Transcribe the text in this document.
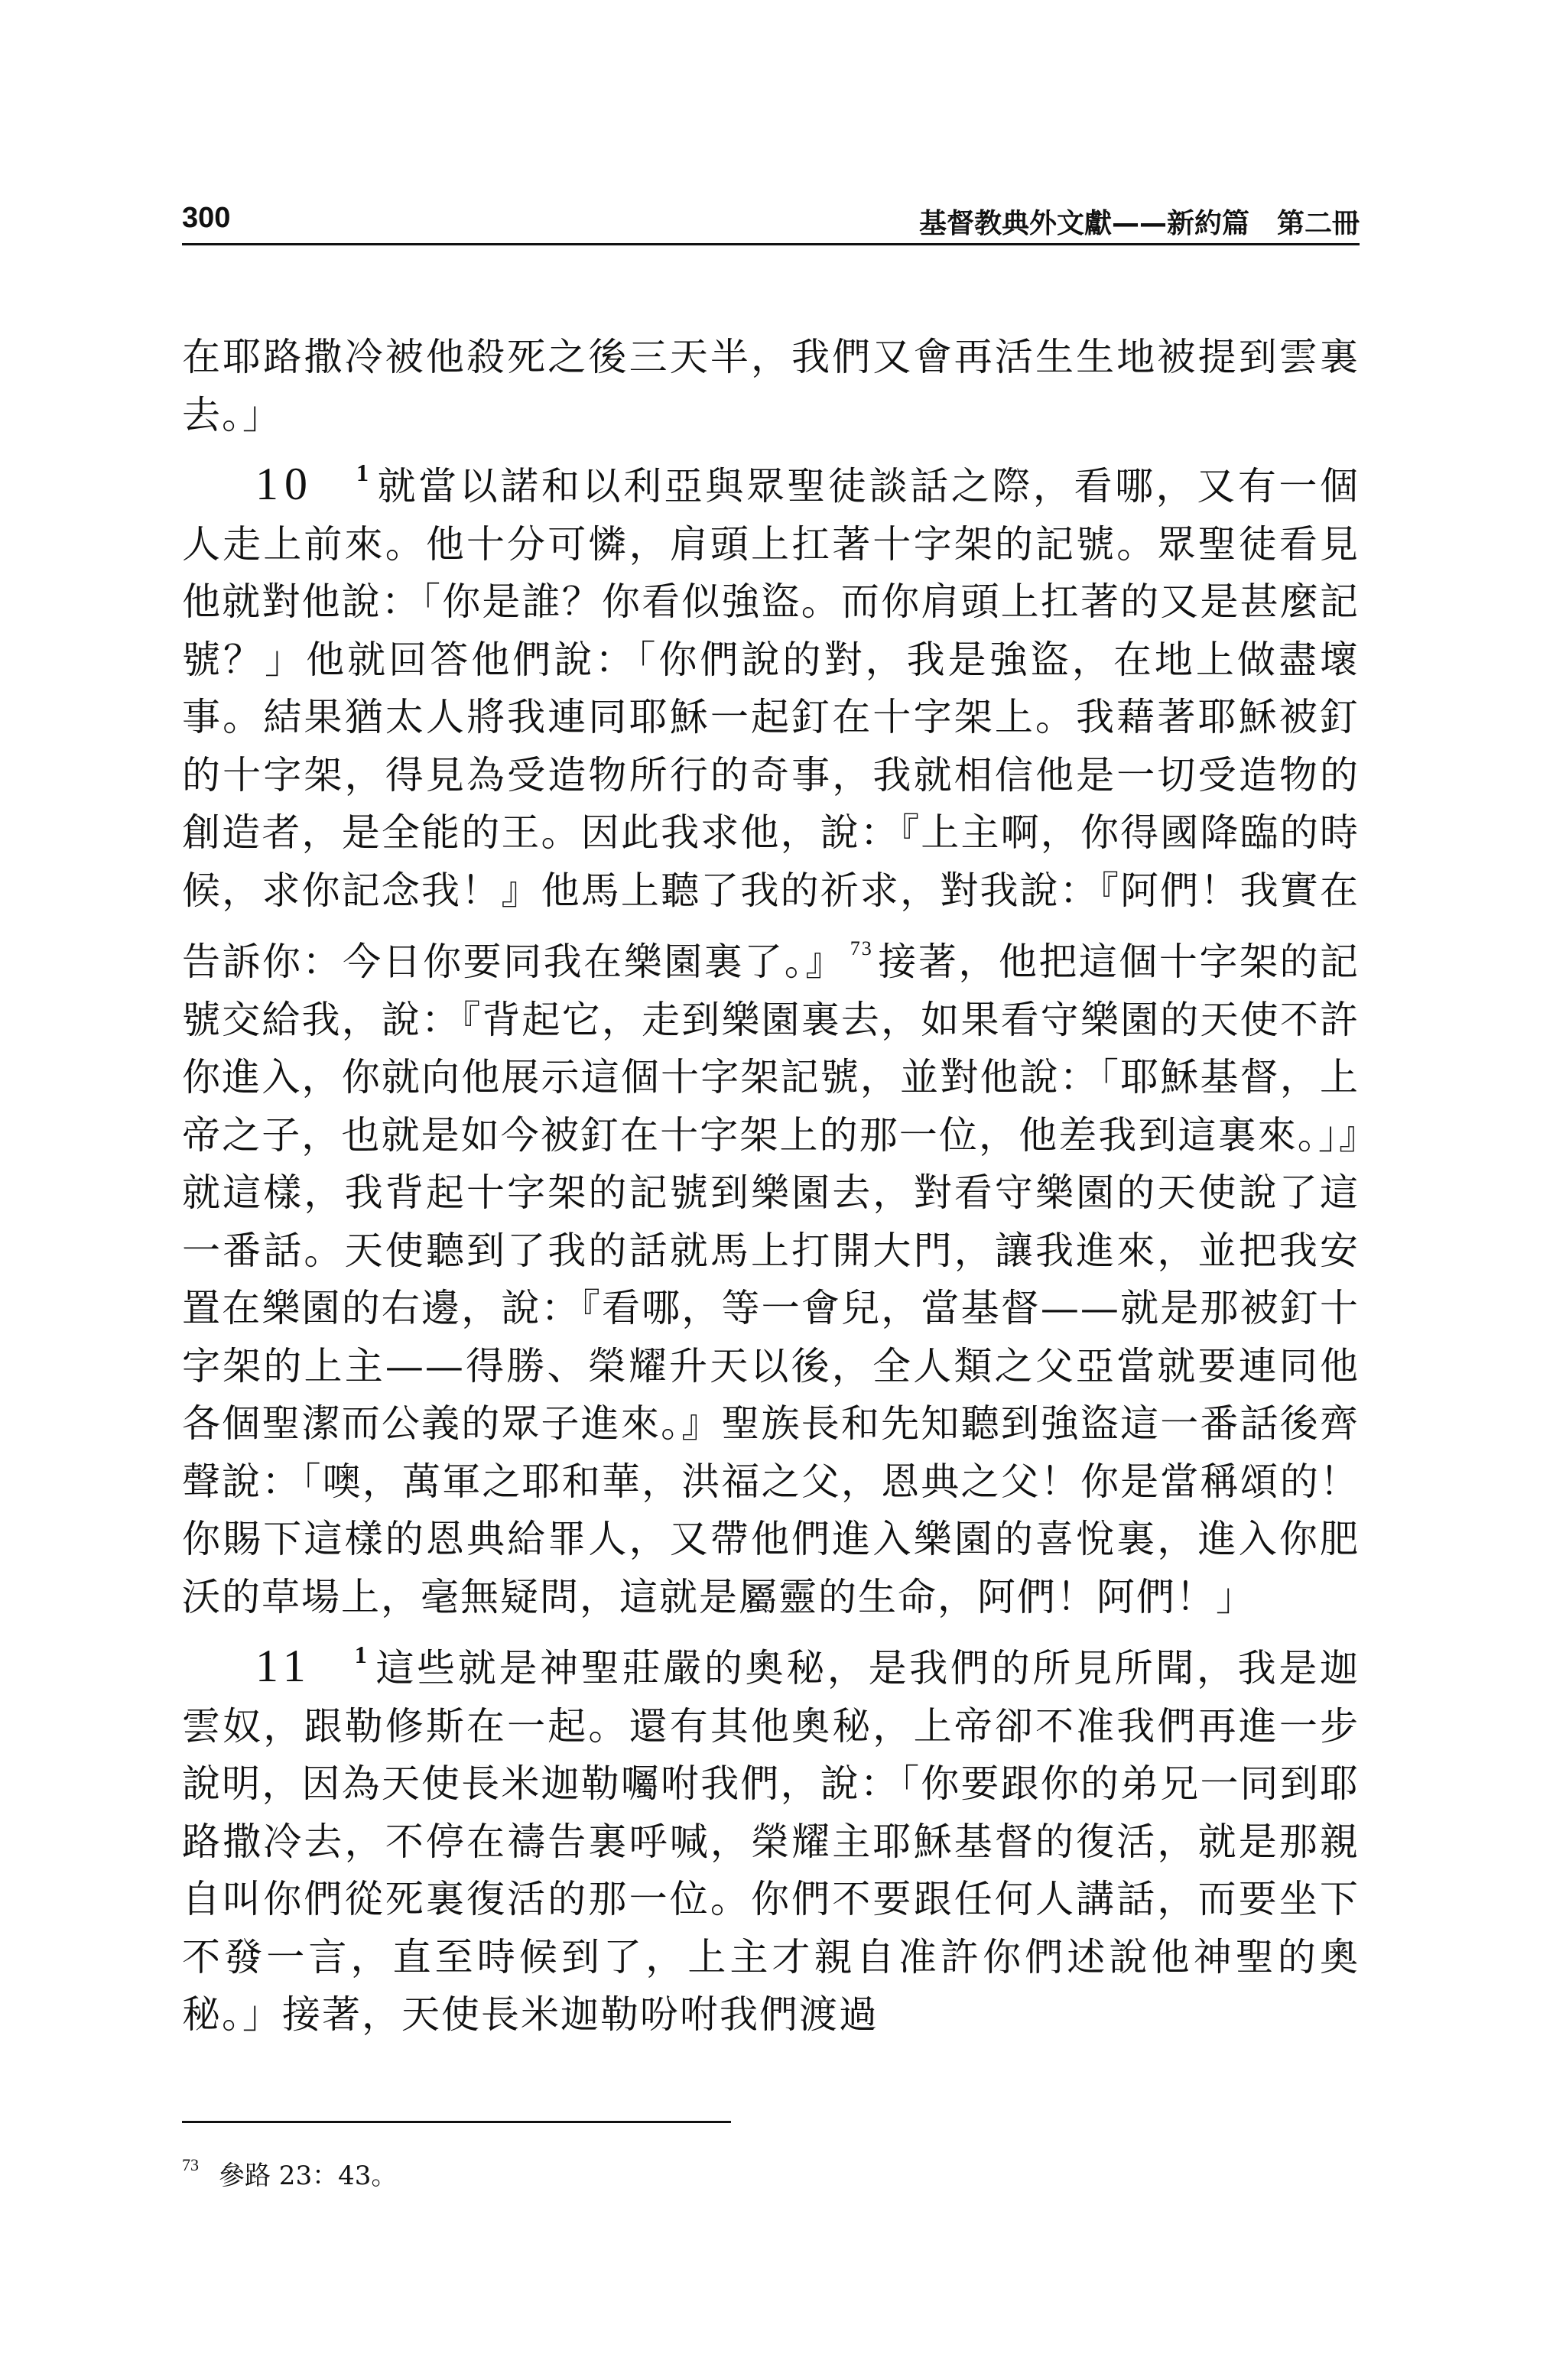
300	基督教典外文獻——新約篇　第二冊

在耶路撒冷被他殺死之後三天半，我們又會再活生生地被提到雲裏去。」

10 $^1$ 就當以諾和以利亞與眾聖徒談話之際，看哪，又有一個人走上前來。他十分可憐，肩頭上扛著十字架的記號。眾聖徒看見他就對他說：「你是誰？你看似強盜。而你肩頭上扛著的又是甚麼記號？」他就回答他們說：「你們說的對，我是強盜，在地上做盡壞事。結果猶太人將我連同耶穌一起釘在十字架上。我藉著耶穌被釘的十字架，得見為受造物所行的奇事，我就相信他是一切受造物的創造者，是全能的王。因此我求他，說：『上主啊，你得國降臨的時候，求你記念我！』他馬上聽了我的祈求，對我說：『阿們！我實在告訴你：今日你要同我在樂園裏了。』 $^{73}$ 接著，他把這個十字架的記號交給我，說：『背起它，走到樂園裏去，如果看守樂園的天使不許你進入，你就向他展示這個十字架記號，並對他說：「耶穌基督，上帝之子，也就是如今被釘在十字架上的那一位，他差我到這裏來。」』就這樣，我背起十字架的記號到樂園去，對看守樂園的天使說了這一番話。天使聽到了我的話就馬上打開大門，讓我進來，並把我安置在樂園的右邊，說：『看哪，等一會兒，當基督——就是那被釘十字架的上主——得勝、榮耀升天以後，全人類之父亞當就要連同他各個聖潔而公義的眾子進來。』聖族長和先知聽到強盜這一番話後齊聲說：「噢，萬軍之耶和華，洪福之父，恩典之父！你是當稱頌的！你賜下這樣的恩典給罪人，又帶他們進入樂園的喜悅裏，進入你肥沃的草場上，毫無疑問，這就是屬靈的生命，阿們！阿們！」

11 $^1$ 這些就是神聖莊嚴的奧秘，是我們的所見所聞，我是迦雲奴，跟勒修斯在一起。還有其他奧秘，上帝卻不准我們再進一步說明，因為天使長米迦勒囑咐我們，說：「你要跟你的弟兄一同到耶路撒冷去，不停在禱告裏呼喊，榮耀主耶穌基督的復活，就是那親自叫你們從死裏復活的那一位。你們不要跟任何人講話，而要坐下不發一言，直至時候到了，上主才親自准許你們述說他神聖的奧秘。」接著，天使長米迦勒吩咐我們渡過

$^{73}$ 參路 23：43。
